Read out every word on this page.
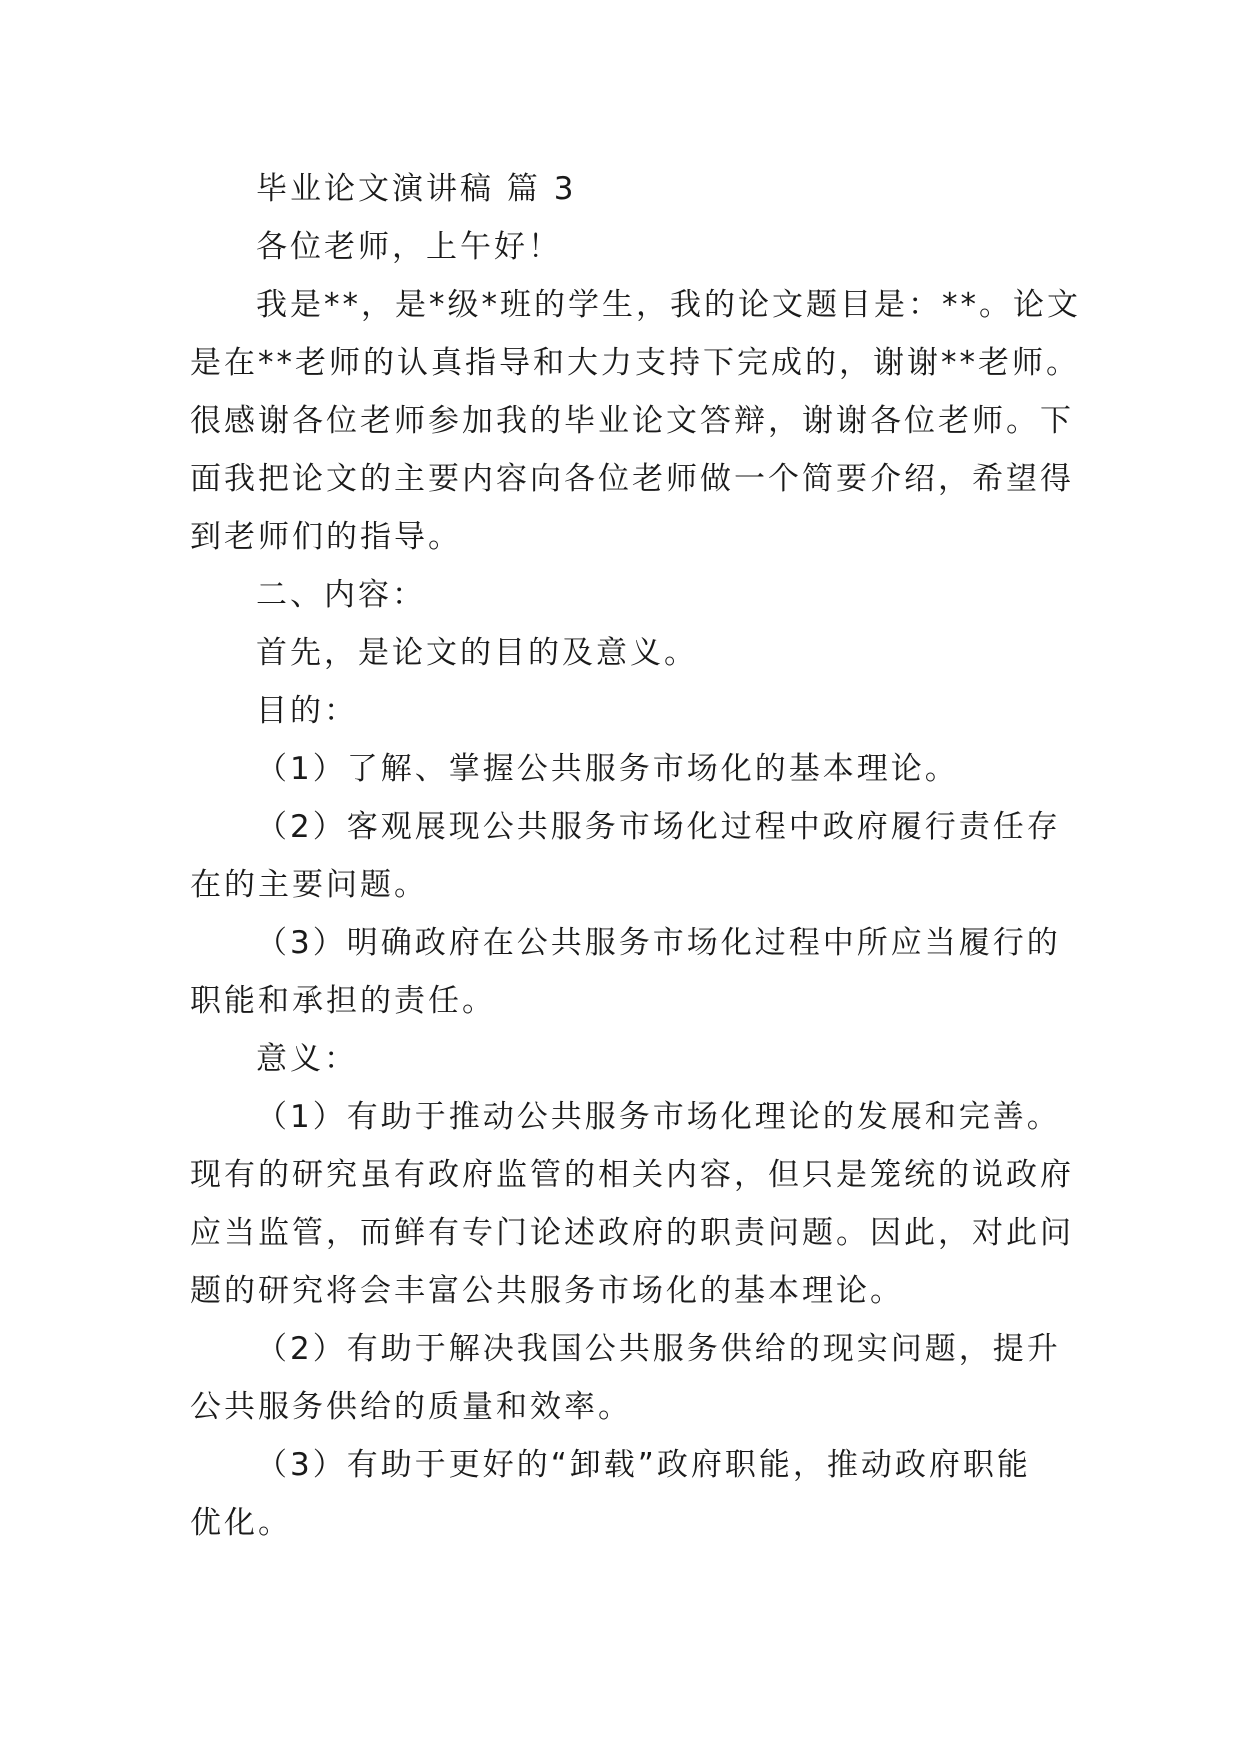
毕业论文演讲稿 篇 3

各位老师，上午好！

我是**，是*级*班的学生，我的论文题目是：**。论文

是在**老师的认真指导和大力支持下完成的，谢谢**老师。

很感谢各位老师参加我的毕业论文答辩，谢谢各位老师。下

面我把论文的主要内容向各位老师做一个简要介绍，希望得

到老师们的指导。

二、内容：

首先，是论文的目的及意义。

目的：

（1）了解、掌握公共服务市场化的基本理论。

（2）客观展现公共服务市场化过程中政府履行责任存

在的主要问题。

（3）明确政府在公共服务市场化过程中所应当履行的

职能和承担的责任。

意义：

（1）有助于推动公共服务市场化理论的发展和完善。

现有的研究虽有政府监管的相关内容，但只是笼统的说政府

应当监管，而鲜有专门论述政府的职责问题。因此，对此问

题的研究将会丰富公共服务市场化的基本理论。

（2）有助于解决我国公共服务供给的现实问题，提升

公共服务供给的质量和效率。

（3）有助于更好的“卸载”政府职能，推动政府职能

优化。
